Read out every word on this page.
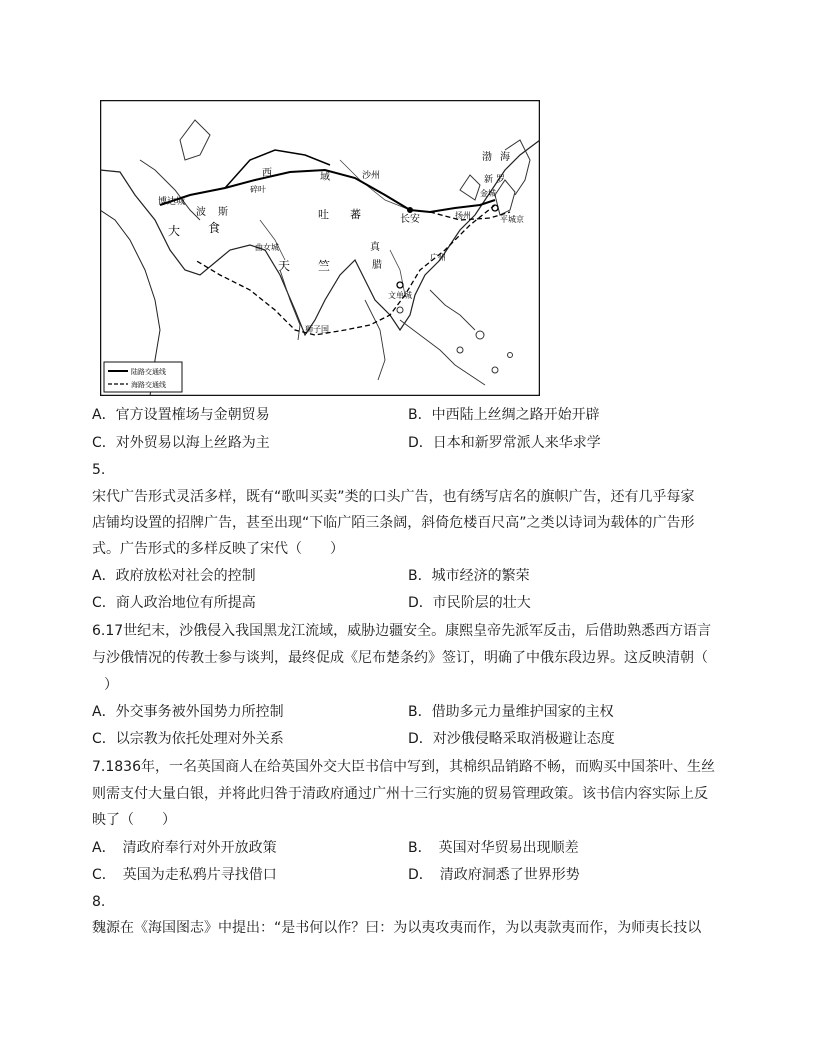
西	域	沙州
吐 蕃
大 食
波 斯
天 竺
真
腊
新 罗
渤 海
博达城
碎叶
曲女城
长安	扬州
广州
文单城
狮子国
平城京
金城
陆路交通线
海路交通线
A．官方设置榷场与金朝贸易	B．中西陆上丝绸之路开始开辟
C．对外贸易以海上丝路为主	D．日本和新罗常派人来华求学
5.
宋代广告形式灵活多样，既有“歌叫买卖”类的口头广告，也有绣写店名的旗帜广告，还有几乎每家
店铺均设置的招牌广告，甚至出现“下临广陌三条阔，斜倚危楼百尺高”之类以诗词为载体的广告形
式。广告形式的多样反映了宋代（　　）
A．政府放松对社会的控制	B．城市经济的繁荣
C．商人政治地位有所提高	D．市民阶层的壮大
6.17世纪末，沙俄侵入我国黑龙江流域，威胁边疆安全。康熙皇帝先派军反击，后借助熟悉西方语言
与沙俄情况的传教士参与谈判，最终促成《尼布楚条约》签订，明确了中俄东段边界。这反映清朝（
）
A．外交事务被外国势力所控制	B．借助多元力量维护国家的主权
C．以宗教为依托处理对外关系	D．对沙俄侵略采取消极避让态度
7.1836年，一名英国商人在给英国外交大臣书信中写到，其棉织品销路不畅，而购买中国茶叶、生丝
则需支付大量白银，并将此归咎于清政府通过广州十三行实施的贸易管理政策。该书信内容实际上反
映了（　　）
A．　清政府奉行对外开放政策	B．　英国对华贸易出现顺差
C．　英国为走私鸦片寻找借口	D．　清政府洞悉了世界形势
8.
魏源在《海国图志》中提出：“是书何以作？曰：为以夷攻夷而作，为以夷款夷而作，为师夷长技以
